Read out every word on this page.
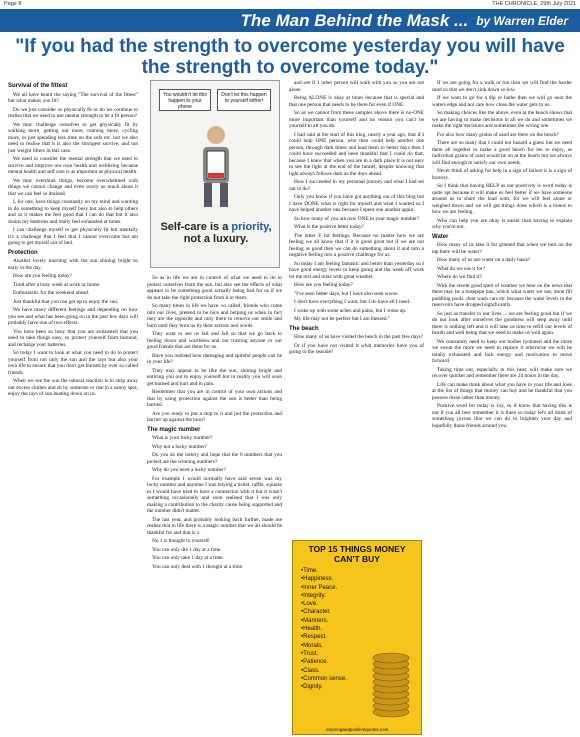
Page 8	THE CHRONICLE, 29th July 2021
The Man Behind the Mask ... by Warren Elder
"If you had the strength to overcome yesterday you will have the strength to overcome today."

Survival of the fittest

We all have heard the saying "The survival of the fittest" but what makes you fit?

Do we just consider us physically fit or do we continue to realise that we need to use mental strength to be a fit person?

We may challenge ourselves to get physically fit by walking more, getting out more, running more, cycling more, or just spending less time on the sofa etc. but we also need to realise that it is also the strongest survive, and not just weight lifters in this case.

We need to consider the mental strength that we need to survive and improve our own health and wellbeing because mental health and self care is as important as physical health.

We may overthink things, become overwhelmed with things we cannot change and even worry so much about it that we can feel so drained.

I, for one, have things constantly on my mind and wanting to do something to keep myself busy but also to help others and so it makes me feel good that I can do that but it also drains my batteries and really feel exhausted at times.

I can challenge myself to get physically fit but mentally it's a challenge that I feel that I cannot overcome but am going to get myself out of bed.

Protection

Another lovely morning with the sun shining bright so early in the day.

How are you feeling today?

Tired after a busy week at work or home.

Enthusiastic for the weekend ahead.

Just thankful that you can get up to enjoy the sun.

We have many different feelings and depending on how you see and what has been going on in the past few days will probably have one of two effects.

You have been so busy that you are exhausted that you need to take things easy, so protect yourself from burnout, and recharge your batteries.

So today I want to look at what you need to do to protect yourself from not only the sun and the rays but also your own life to ensure that you don't get burned by over so called friends.

When we see the sun the natural reaction is to strip away our excess clothes and sit by someone or rise in a sunny spot, enjoy the rays of sun beating down on us.

You wouldn't let this happen to your phone
Don't let this happen to yourself either!
Self-care is a priority, not a luxury.

So as in life we are in control of what we need to do to protect ourselves from the sun, but also see the effects of what appears to be something good actually being bad for us if we do not take the right protection from it or them.

So many times in life we have, so called, friends who come into our lives, pretend to be nice and helping us when in fact they are the opposite and only there to remove our smile and burn until they burn us by their actions and words.

They want to see us fail and fall so that we go back to feeling down and worthless and not trusting anyone or our good friends that are there for us.

Have you realised how damaging and spiteful people can be in your life?

They may appear to be like the sun, shining bright and enticing you out to enjoy yourself but in reality you will soon get burned and hurt and in pain.

Remember that you are in control of your own actions and that by using protection against the sun is better than being burned.

Are you ready to put a stop to it and put the protection and barrier up against the burn?

The magic number

What is your lucky number?

Why not a lucky number?

Do you do the lottery and hope that the 6 numbers that you picked are the winning numbers?

Why do you need a lucky number?

For example I would normally have said seven was my lucky number and anytime I was buying a ticket, raffle, squares to I would have tried to have a connection with it but it wasn't something occasionally and soon realised that I was only making a contribution to the charity cause being supported and the number didn't matter.

The last year, and probably looking back further, made me realise that in life there is a magic number that we all should be thankful for and that is 1.

No 1 is thought to yourself.

You can only die 1 day at a time.

You can only take 1 day at a time.

You can only deal with 1 thought at a time.

and see if 1 other person will walk with you so you are not alone.

Being ALONE is okay at times because that is special and that one person that needs to be there for even if ONE.

So as we cannot from these samples above there is no-ONE more important than yourself and no reason you can't be yourself in all you do.

I had said at the start of this blog, nearly a year ago, that if I could help ONE person, who then could help another one person, through dark times and lead them to better days then I could have succeeded and been thankful that I could do that, because I knew that when you are in a dark place it is not easy to see the light at the end of the tunnel, despite knowing that light always follows dark as the days ahead.

How I succeeded in my personal journey and what I had set out to do?

Only you know if you have got anything out of this blog but I have DONE what is right for myself and what I wanted so I have helped another one because I spent one another again.

So how many of you are now ONE in your magic number?

What is the positive letter today?

The letter F for feelings. Because no matter how we are feeling we all know that if it is good great but if we are not feeling as good then we can do something about it and turn a negative feeling into a positive challenge for us.

So today I am feeling fantastic and better than yesterday so I have good energy levels to keep going and the week off work let me rest and relax with great weather.

How are you feeling today?

"I've seen better days, but I have also seen worse.

I don't have everything I want, but I do have all I need.

I woke up with some aches and pains, but I woke up.

My life may not be perfect but I am blessed."

The beach

How many of us have visited the beach in the past few days?

Or if you have not visited it what memories have you of going to the seaside?

TOP 15 THINGS MONEY CAN'T BUY
• Time.
• Happiness.
• Inner Peace.
• Integrity.
• Love.
• Character.
• Manners.
• Health.
• Respect.
• Morals.
• Trust.
• Patience.
• Class.
• Common sense.
• Dignity.
inspiringandpositivequotes.com

If we are going for a walk or run then we will find the harder sand so that we don't sink down so low.

If we want to go for a dip or bathe then we will go near the waters edge and not care how close the water gets to us.

So making choices like the above, even at the beach shows that we are having to make decisions in all we do and sometimes we make the right decisions and sometimes the wrong one.

For also how many grains of sand are there on the beach?

There are so many that I could not hazard a guess but we need them all together to make a good beach for me to enjoy, as individual grains of sand would be on at the beach but we always will find enough to satisfy our own needs.

Never think of asking for help in a sign of failure it is a sign of bravery.

So I think that having HELP as our positivity is word today is quite apt because it will make us feel better if we have someone around us to share the load with, for we will feel alone or weighed down and we will get things done which is a bonus to how we are feeling.

Who can help you are okay is easier than having to explain why you're not.

Water

How many of us take it for granted that when we turn on the tap there will be water?

How many of us use water on a daily basis?

What do we use it for?

Where do we find it?

With the recent good spell of weather we hear on the news that there may be a hosepipe ban, which what water we use, done fill paddling pools, dont wash cars etc because the water levels in the reservoirs have dropped significantly.

So just as transfer to our lives ... we are feeling good but if we do not look after ourselves the goodness will seep away until there is nothing left and it will take us time to refill our levels of health and well being that we need to make us well again.

We constantly need to keep our bodies hydrated and the more we sweat the more we need to replace it otherwise we will be totally exhausted and lack energy and motivation to move forward.

Taking time out, especially in this heat, will make sure we recover quicker and remember there are 24 hours in the day.

Life can make think about what you have in your life and look at the list of things that money can buy and be thankful that you possess these rather than money.

Positive word for today is Joy, so if know that having this is not if you all best remember it is there so today let's all think of something joyous that we can do to brighten your day and hopefully those friends around you.
